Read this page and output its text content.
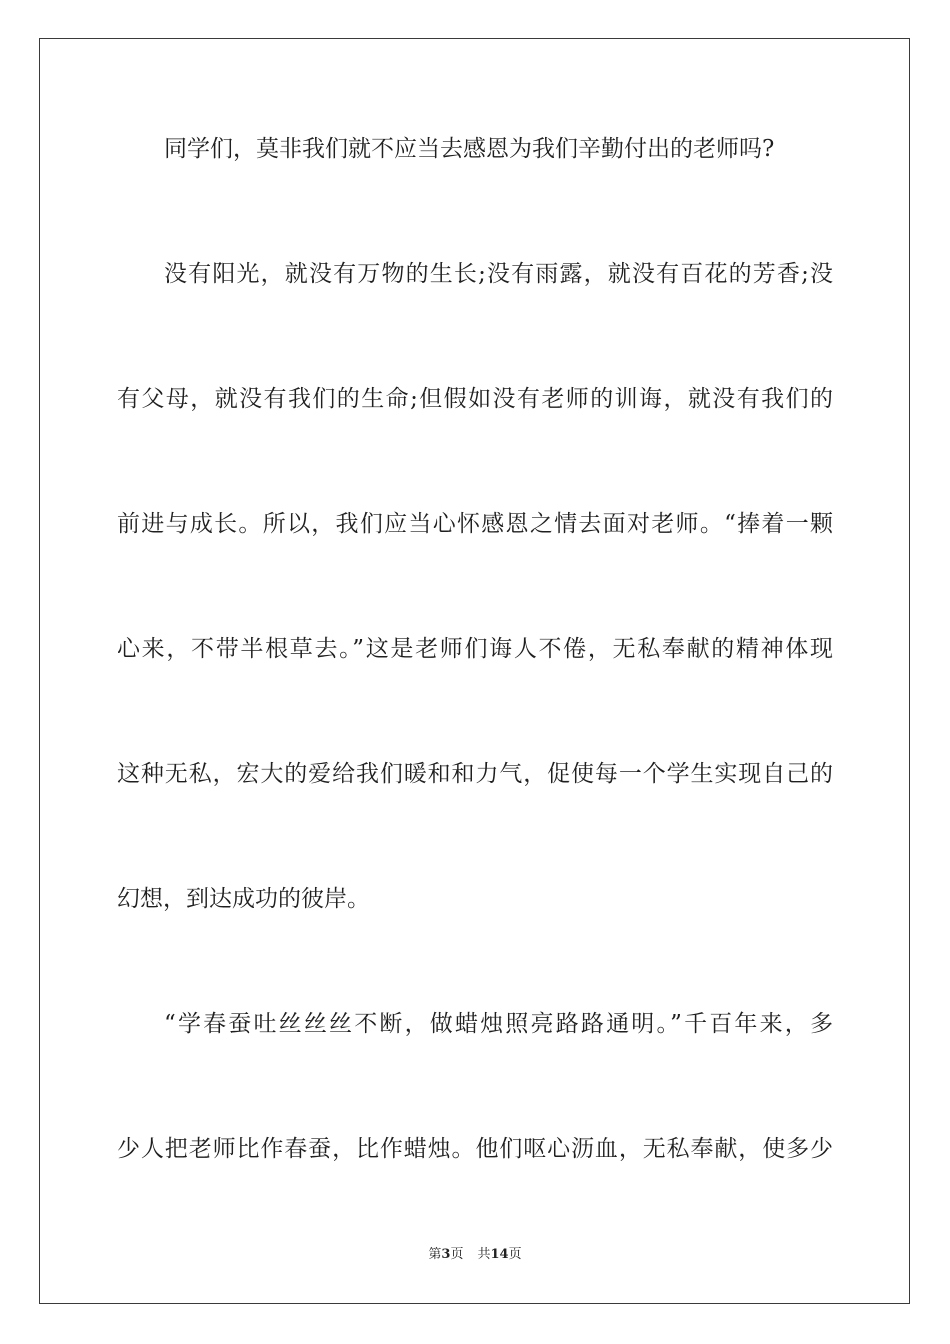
同学们，莫非我们就不应当去感恩为我们辛勤付出的老师吗?

没有阳光，就没有万物的生长;没有雨露，就没有百花的芳香;没

有父母，就没有我们的生命;但假如没有老师的训诲，就没有我们的

前进与成长。所以，我们应当心怀感恩之情去面对老师。“捧着一颗

心来，不带半根草去。”这是老师们诲人不倦，无私奉献的精神体现

这种无私，宏大的爱给我们暖和和力气，促使每一个学生实现自己的

幻想，到达成功的彼岸。

“学春蚕吐丝丝丝不断，做蜡烛照亮路路通明。”千百年来，多

少人把老师比作春蚕，比作蜡烛。他们呕心沥血，无私奉献，使多少

第3页 共14页
